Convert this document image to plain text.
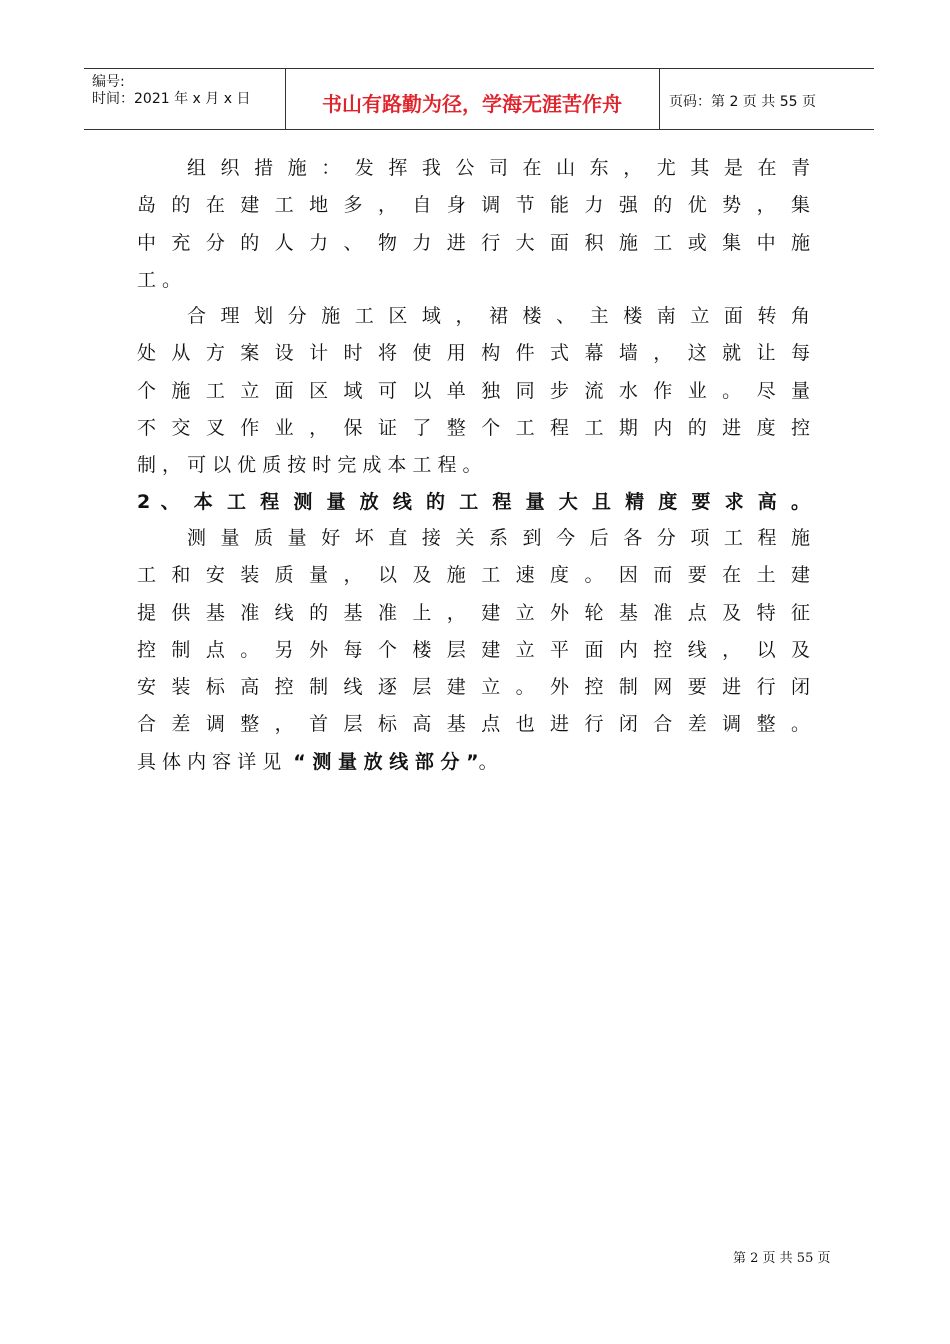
编号:
时间：2021 年 x 月 x 日	书山有路勤为径，学海无涯苦作舟	页码：第 2 页 共 55 页
组 织 措 施 ： 发 挥 我 公 司 在 山 东 ， 尤 其 是 在 青
岛 的 在 建 工 地 多 ， 自 身 调 节 能 力 强 的 优 势 ， 集
中 充 分 的 人 力 、 物 力 进 行 大 面 积 施 工 或 集 中 施
工 。
合 理 划 分 施 工 区 域 ， 裙 楼 、 主 楼 南 立 面 转 角
处 从 方 案 设 计 时 将 使 用 构 件 式 幕 墙 ， 这 就 让 每
个 施 工 立 面 区 域 可 以 单 独 同 步 流 水 作 业 。 尽 量
不 交 叉 作 业 ， 保 证 了 整 个 工 程 工 期 内 的 进 度 控
制 ， 可 以 优 质 按 时 完 成 本 工 程 。
2 、 本 工 程 测 量 放 线 的 工 程 量 大 且 精 度 要 求 高 。
测 量 质 量 好 坏 直 接 关 系 到 今 后 各 分 项 工 程 施
工 和 安 装 质 量 ， 以 及 施 工 速 度 。 因 而 要 在 土 建
提 供 基 准 线 的 基 准 上 ， 建 立 外 轮 基 准 点 及 特 征
控 制 点 。 另 外 每 个 楼 层 建 立 平 面 内 控 线 ， 以 及
安 装 标 高 控 制 线 逐 层 建 立 。 外 控 制 网 要 进 行 闭
合 差 调 整 ， 首 层 标 高 基 点 也 进 行 闭 合 差 调 整 。
具 体 内 容 详 见 “ 测 量 放 线 部 分 ”。
第 2 页 共 55 页
